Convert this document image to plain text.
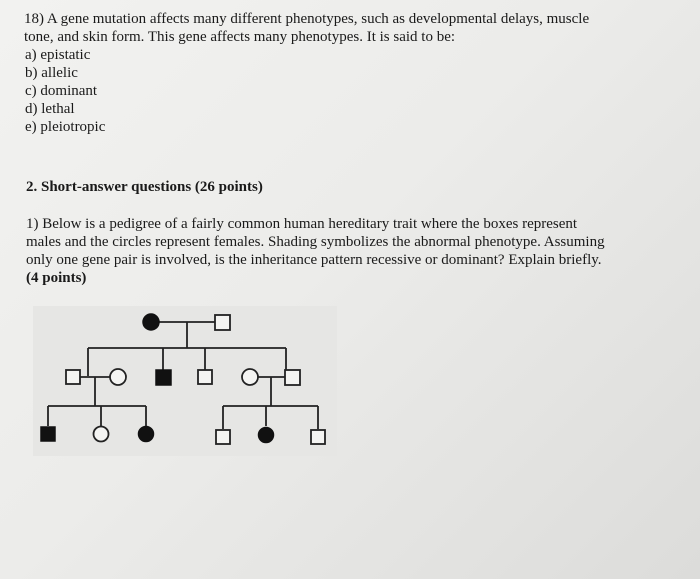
18) A gene mutation affects many different phenotypes, such as developmental delays, muscle
tone, and skin form. This gene affects many phenotypes. It is said to be:
a) epistatic
b) allelic
c) dominant
d) lethal
e) pleiotropic
2. Short-answer questions (26 points)
1) Below is a pedigree of a fairly common human hereditary trait where the boxes represent
males and the circles represent females. Shading symbolizes the abnormal phenotype. Assuming
only one gene pair is involved, is the inheritance pattern recessive or dominant? Explain briefly.
(4 points)
